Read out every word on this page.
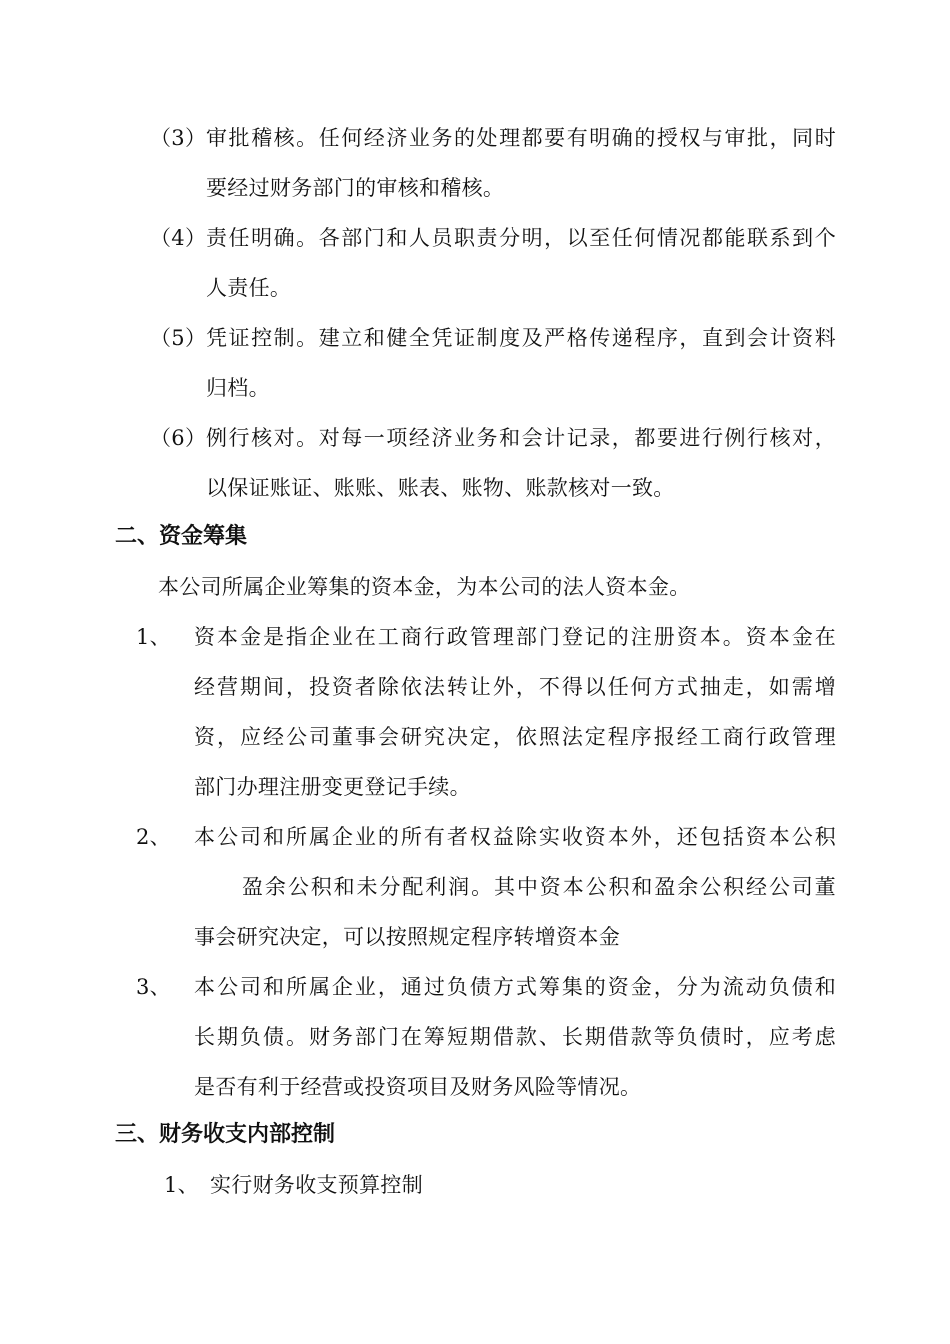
（3） 审批稽核。任何经济业务的处理都要有明确的授权与审批，同时
要经过财务部门的审核和稽核。
（4） 责任明确。各部门和人员职责分明，以至任何情况都能联系到个
人责任。
（5） 凭证控制。建立和健全凭证制度及严格传递程序，直到会计资料
归档。
（6） 例行核对。对每一项经济业务和会计记录，都要进行例行核对，
以保证账证、账账、账表、账物、账款核对一致。
二、资金筹集
本公司所属企业筹集的资本金，为本公司的法人资本金。
1、 资本金是指企业在工商行政管理部门登记的注册资本。资本金在
经营期间，投资者除依法转让外，不得以任何方式抽走，如需增
资，应经公司董事会研究决定，依照法定程序报经工商行政管理
部门办理注册变更登记手续。
2、 本公司和所属企业的所有者权益除实收资本外，还包括资本公积
盈余公积和未分配利润。其中资本公积和盈余公积经公司董
事会研究决定，可以按照规定程序转增资本金
3、 本公司和所属企业，通过负债方式筹集的资金，分为流动负债和
长期负债。财务部门在筹短期借款、长期借款等负债时，应考虑
是否有利于经营或投资项目及财务风险等情况。
三、财务收支内部控制
1、 实行财务收支预算控制
